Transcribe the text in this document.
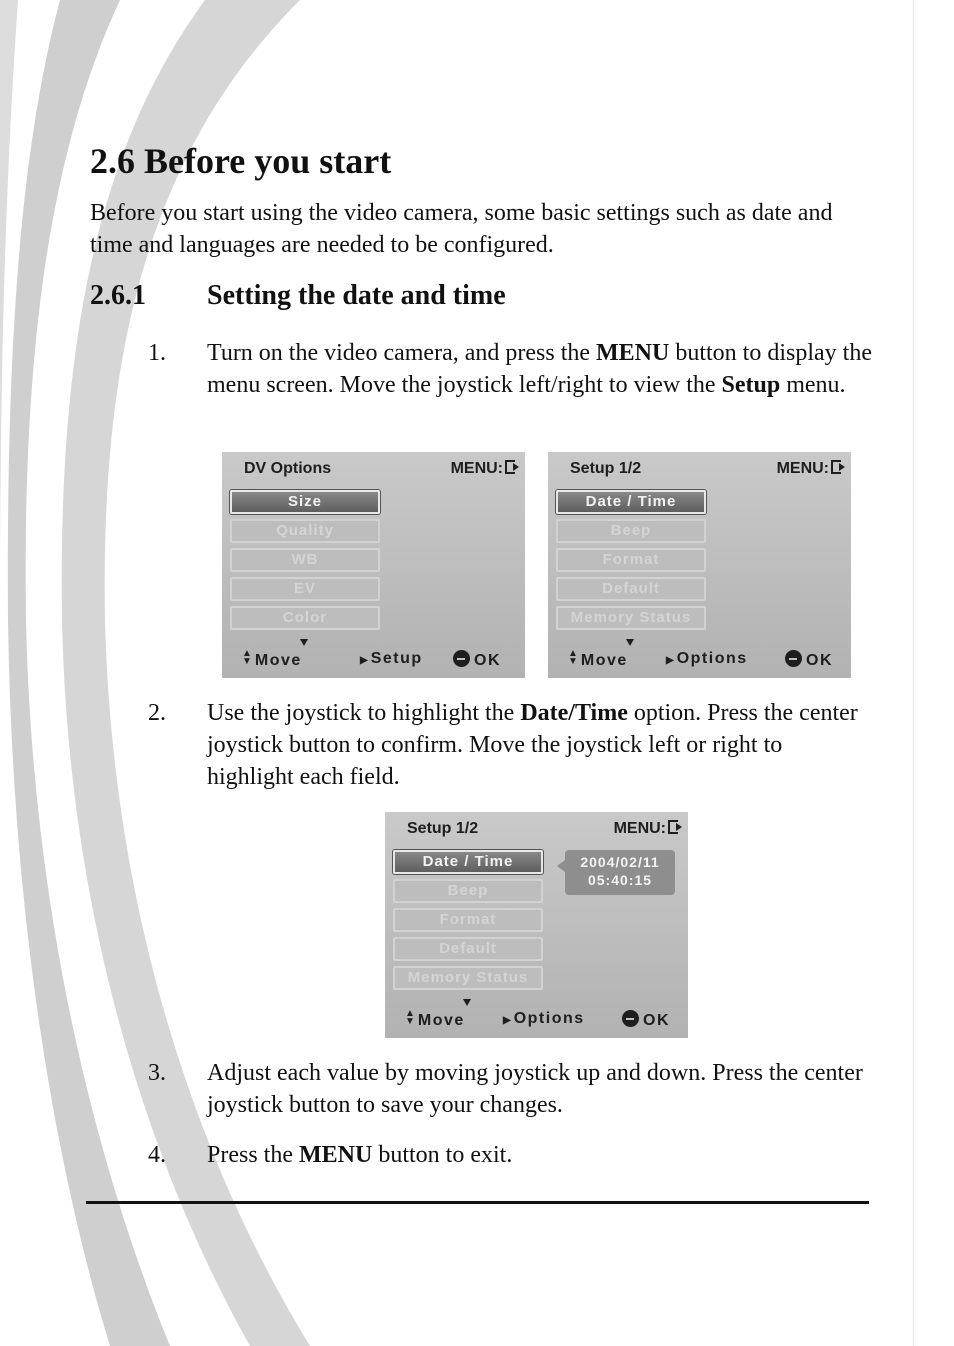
2.6 Before you start
Before you start using the video camera, some basic settings such as date and time and languages are needed to be configured.
2.6.1 Setting the date and time
1. Turn on the video camera, and press the MENU button to display the menu screen. Move the joystick left/right to view the Setup menu.
DV Options	MENU:
Size
Quality
WB
EV
Color
▲
▼ Move	▶ Setup	OK
Setup 1/2	MENU:
Date / Time
Beep
Format
Default
Memory Status
▲
▼ Move	▶ Options	OK
2. Use the joystick to highlight the Date/Time option. Press the center joystick button to confirm. Move the joystick left or right to highlight each field.
Setup 1/2	MENU:
Date / Time
Beep
Format
Default
Memory Status
2004/02/11
05:40:15
▲
▼ Move	▶ Options	OK
3. Adjust each value by moving joystick up and down. Press the center joystick button to save your changes.
4. Press the MENU button to exit.
